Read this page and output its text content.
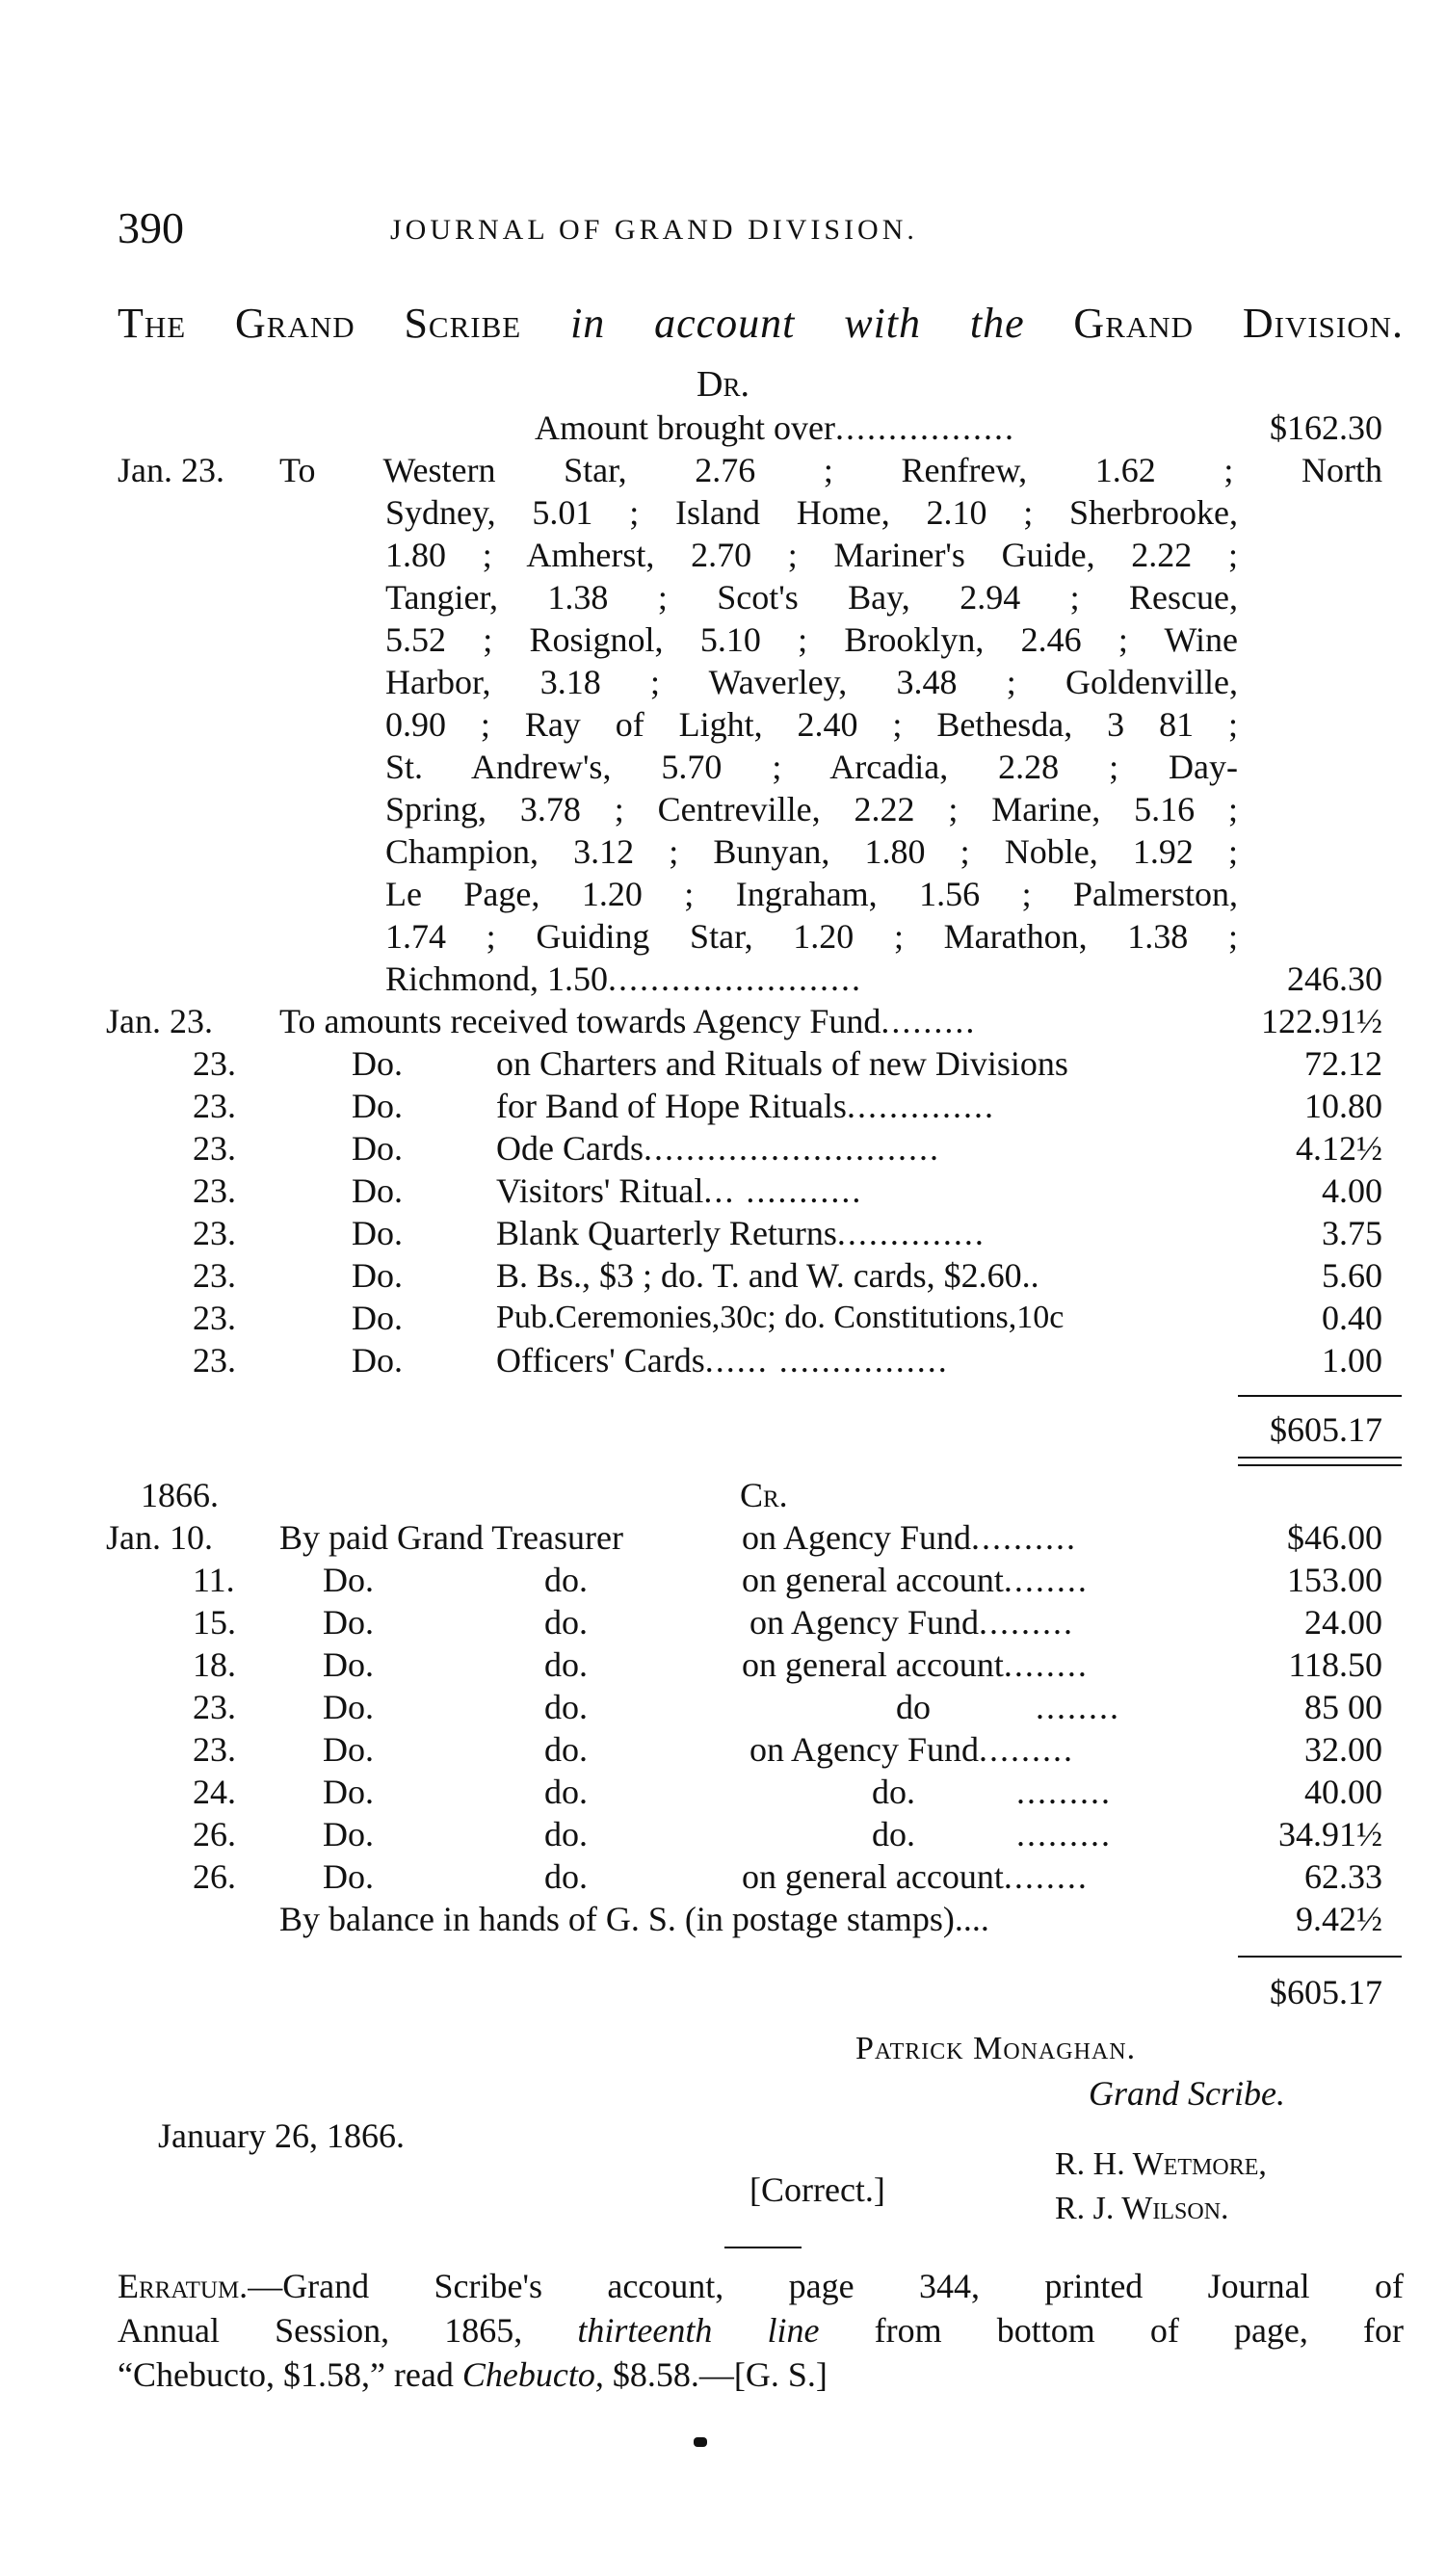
390	JOURNAL OF GRAND DIVISION.
The Grand Scribe in account with the Grand Division.
Dr.
Amount brought over.................	$162.30
Jan. 23. To Western Star, 2.76 ; Renfrew, 1.62 ; North
Sydney, 5.01 ; Island Home, 2.10 ; Sherbrooke,
1.80 ; Amherst, 2.70 ; Mariner's Guide, 2.22 ;
Tangier, 1.38 ; Scot's Bay, 2.94 ; Rescue,
5.52 ; Rosignol, 5.10 ; Brooklyn, 2.46 ; Wine
Harbor, 3.18 ; Waverley, 3.48 ; Goldenville,
0.90 ; Ray of Light, 2.40 ; Bethesda, 3 81 ;
St. Andrew's, 5.70 ; Arcadia, 2.28 ; Day-
Spring, 3.78 ; Centreville, 2.22 ; Marine, 5.16 ;
Champion, 3.12 ; Bunyan, 1.80 ; Noble, 1.92 ;
Le Page, 1.20 ; Ingraham, 1.56 ; Palmerston,
1.74 ; Guiding Star, 1.20 ; Marathon, 1.38 ;
Richmond, 1.50........................	246.30
Jan. 23. To amounts received towards Agency Fund.........	122.91½
23.	Do.	on Charters and Rituals of new Divisions	72.12
23.	Do.	for Band of Hope Rituals..............	10.80
23.	Do.	Ode Cards............................	4.12½
23.	Do.	Visitors' Ritual... ...........	4.00
23.	Do.	Blank Quarterly Returns..............	3.75
23.	Do.	B. Bs., $3 ; do. T. and W. cards, $2.60..	5.60
23.	Do.	Pub.Ceremonies,30c; do. Constitutions,10c	0.40
23.	Do.	Officers' Cards...... ................	1.00
$605.17
1866.	Cr.
Jan. 10. By paid Grand Treasurer	on Agency Fund..........	$46.00
11.	Do.	do.	on general account........	153.00
15.	Do.	do.	on Agency Fund.........	24.00
18.	Do.	do.	on general account........	118.50
23.	Do.	do.	do	........	85 00
23.	Do.	do.	on Agency Fund.........	32.00
24.	Do.	do.	do.	.........	40.00
26.	Do.	do.	do.	.........	34.91½
26.	Do.	do.	on general account........	62.33
By balance in hands of G. S. (in postage stamps)....	9.42½
$605.17
Patrick Monaghan.
Grand Scribe.
January 26, 1866.
[Correct.]
R. H. Wetmore,
R. J. Wilson.
Erratum.—Grand Scribe's account, page 344, printed Journal of
Annual Session, 1865, thirteenth line from bottom of page, for
“Chebucto, $1.58,” read Chebucto, $8.58.—[G. S.]
